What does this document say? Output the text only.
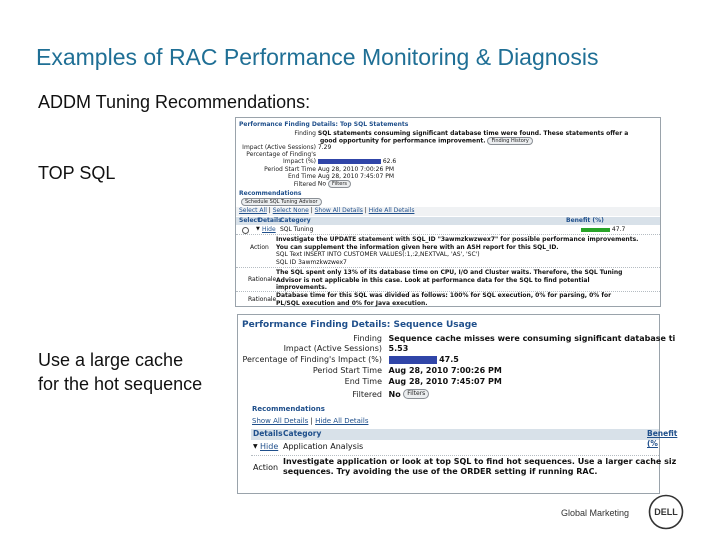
Examples of RAC Performance Monitoring & Diagnosis
ADDM Tuning Recommendations:
TOP SQL
Use a large cache
for the hot sequence
Performance Finding Details: Top SQL Statements
Finding SQL statements consuming significant database time were found. These statements offer a
good opportunity for performance improvement. Finding History
Impact (Active Sessions) 7.29
Percentage of Finding's
Impact (%)	62.6
Period Start Time Aug 28, 2010 7:00:26 PM
End Time Aug 28, 2010 7:45:07 PM
Filtered No Filters
Recommendations
Schedule SQL Tuning Advisor
Select All | Select None | Show All Details | Hide All Details
Select
Details
Category	Benefit (%)
▼ Hide SQL Tuning	47.7
Action
Investigate the UPDATE statement with SQL_ID "3awmzkwzwex7" for possible performance improvements.
You can supplement the information given here with an ASH report for this SQL_ID.
SQL Text INSERT INTO CUSTOMER VALUES(:1,:2,NEXTVAL, 'AS', 'SC')
SQL ID 3awmzkwzwex7
Rationale
The SQL spent only 13% of its database time on CPU, I/O and Cluster waits. Therefore, the SQL Tuning
Advisor is not applicable in this case. Look at performance data for the SQL to find potential
improvements.
Rationale
Database time for this SQL was divided as follows: 100% for SQL execution, 0% for parsing, 0% for
PL/SQL execution and 0% for Java execution.
Performance Finding Details: Sequence Usage
Finding Sequence cache misses were consuming significant database ti
Impact (Active Sessions) 5.53
Percentage of Finding's Impact (%)	47.5
Period Start Time Aug 28, 2010 7:00:26 PM
End Time Aug 28, 2010 7:45:07 PM
Filtered No Filters
Recommendations
Show All Details | Hide All Details
Details Category	Benefit (%
▼ Hide Application Analysis
Action
Investigate application or look at top SQL to find hot sequences. Use a larger cache siz
sequences. Try avoiding the use of the ORDER setting if running RAC.
Global Marketing	DELL
